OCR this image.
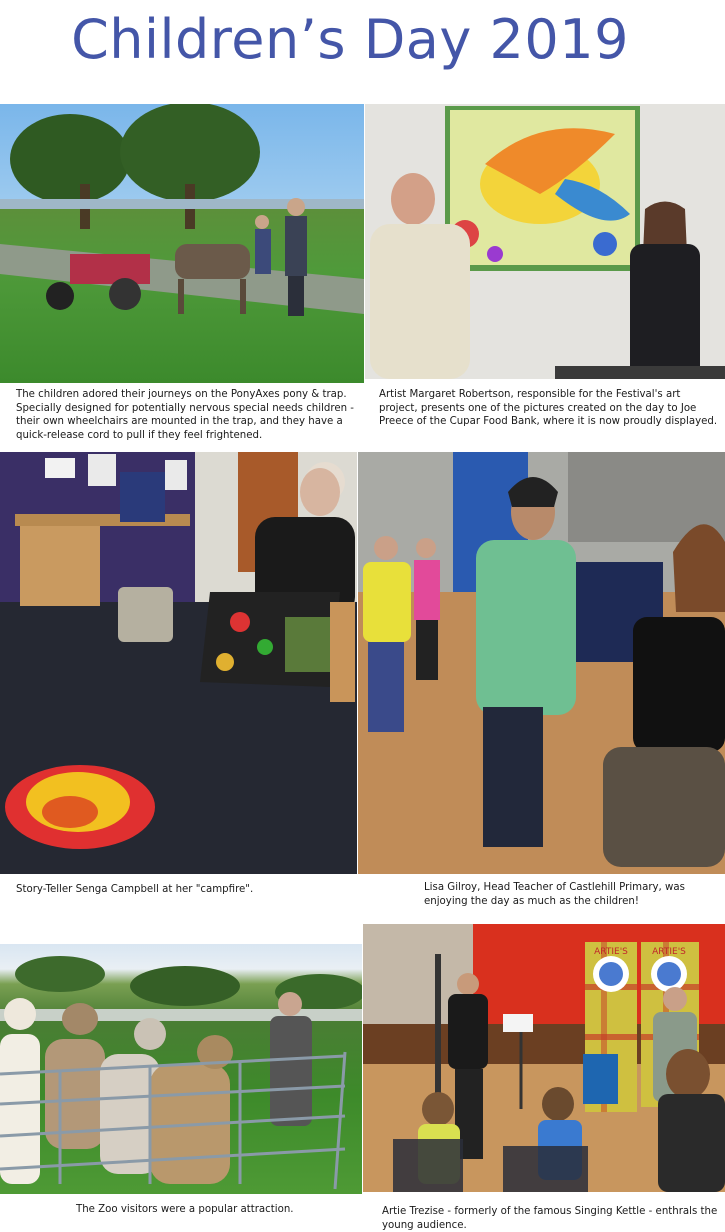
Children’s Day 2019
The children adored their journeys on the PonyAxes pony & trap. Specially designed for potentially nervous special needs children - their own wheelchairs are mounted in the trap, and they have a quick-release cord to pull if they feel frightened.
Artist Margaret Robertson, responsible for the Festival's art project, presents one of the pictures created on the day to Joe Preece of the Cupar Food Bank, where it is now proudly displayed.
Story-Teller Senga Campbell at her "campfire".	Lisa Gilroy, Head Teacher of Castlehill Primary, was enjoying the day as much as the children!
The Zoo visitors were a popular attraction.
ARTIE'S	ARTIE'S
Artie Trezise - formerly of the famous Singing Kettle - enthrals the young audience.
